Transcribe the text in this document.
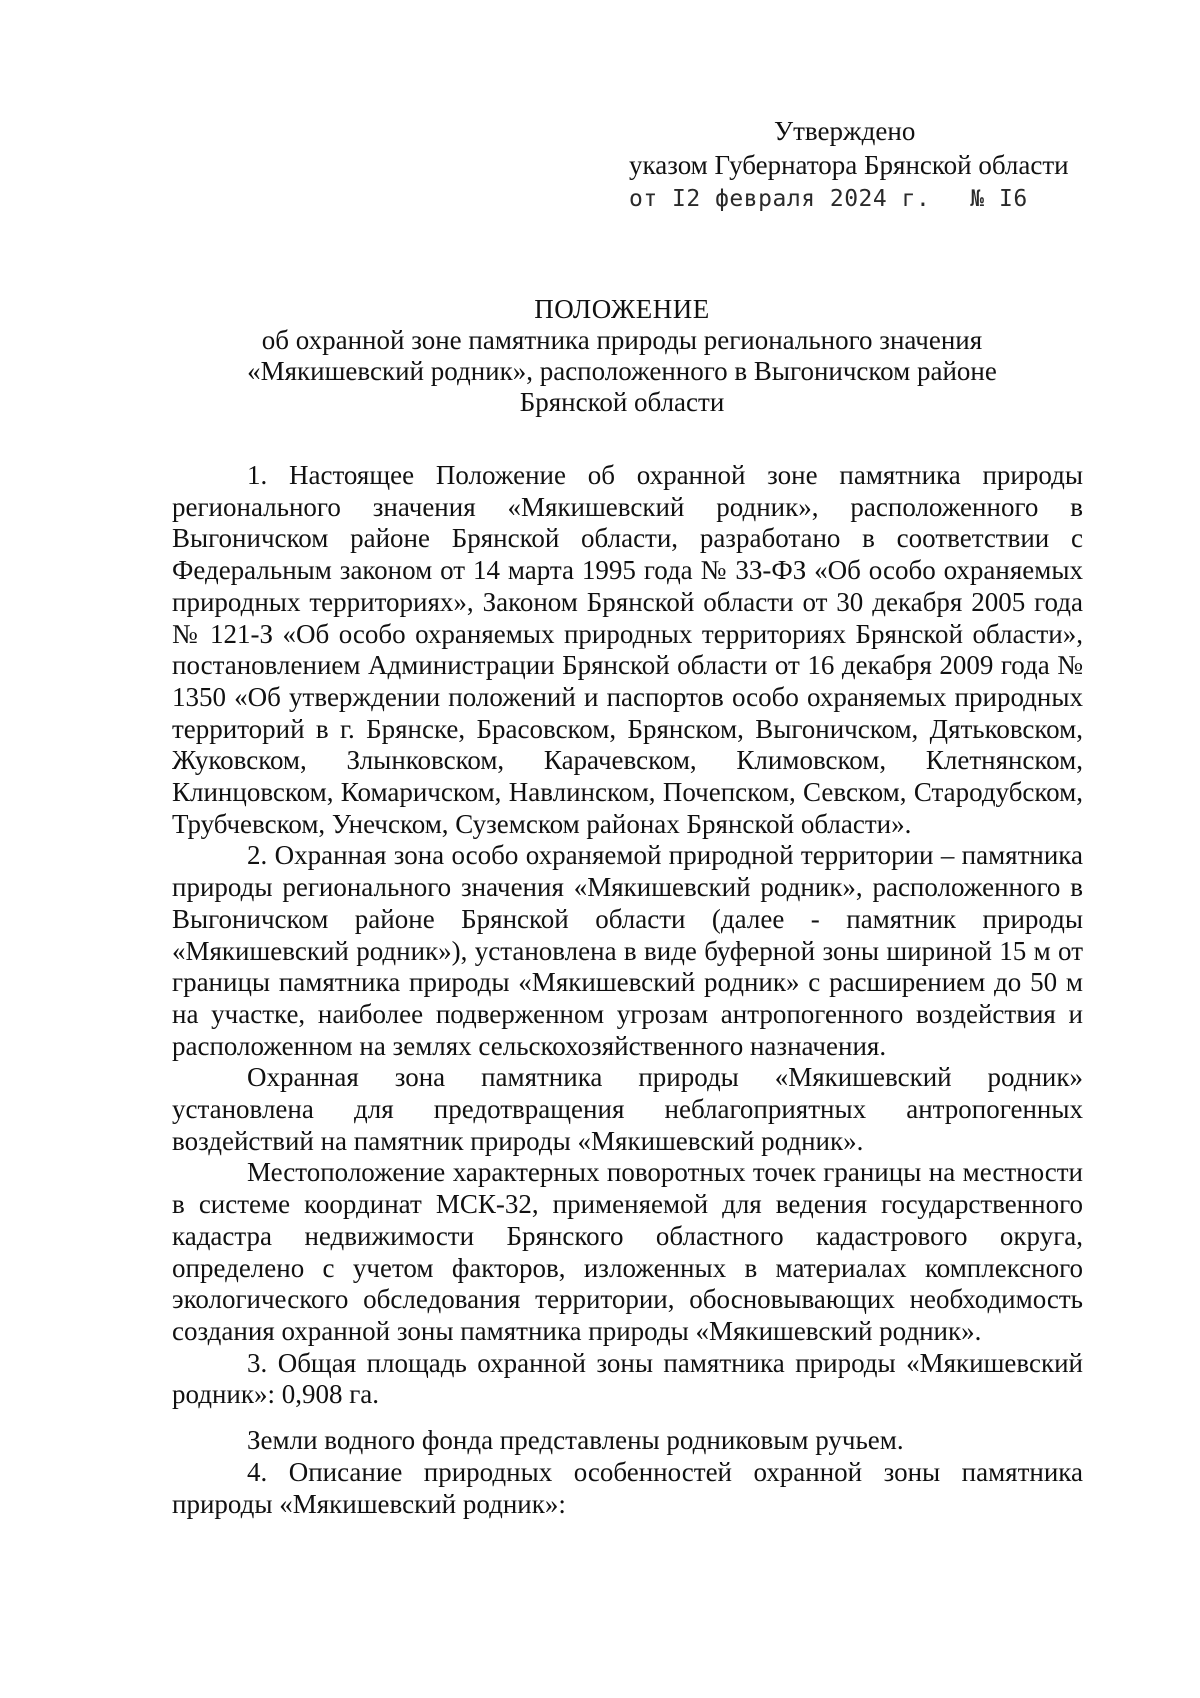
Утверждено
указом Губернатора Брянской области
от I2 февраля 2024 г. № I6
ПОЛОЖЕНИЕ
об охранной зоне памятника природы регионального значения
«Мякишевский родник», расположенного в Выгоничском районе
Брянской области

1. Настоящее Положение об охранной зоне памятника природы регионального значения «Мякишевский родник», расположенного в Выгоничском районе Брянской области, разработано в соответствии с Федеральным законом от 14 марта 1995 года № 33-ФЗ «Об особо охраняемых природных территориях», Законом Брянской области от 30 декабря 2005 года № 121-З «Об особо охраняемых природных территориях Брянской области», постановлением Администрации Брянской области от 16 декабря 2009 года № 1350 «Об утверждении положений и паспортов особо охраняемых природных территорий в г. Брянске, Брасовском, Брянском, Выгоничском, Дятьковском, Жуковском, Злынковском, Карачевском, Климовском, Клетнянском, Клинцовском, Комаричском, Навлинском, Почепском, Севском, Стародубском, Трубчевском, Унечском, Суземском районах Брянской области».

2. Охранная зона особо охраняемой природной территории – памятника природы регионального значения «Мякишевский родник», расположенного в Выгоничском районе Брянской области (далее - памятник природы «Мякишевский родник»), установлена в виде буферной зоны шириной 15 м от границы памятника природы «Мякишевский родник» с расширением до 50 м на участке, наиболее подверженном угрозам антропогенного воздействия и расположенном на землях сельскохозяйственного назначения.

Охранная зона памятника природы «Мякишевский родник» установлена для предотвращения неблагоприятных антропогенных воздействий на памятник природы «Мякишевский родник».

Местоположение характерных поворотных точек границы на местности в системе координат МСК-32, применяемой для ведения государственного кадастра недвижимости Брянского областного кадастрового округа, определено с учетом факторов, изложенных в материалах комплексного экологического обследования территории, обосновывающих необходимость создания охранной зоны памятника природы «Мякишевский родник».

3. Общая площадь охранной зоны памятника природы «Мякишевский родник»: 0,908 га.

Земли водного фонда представлены родниковым ручьем.

4. Описание природных особенностей охранной зоны памятника природы «Мякишевский родник»:
